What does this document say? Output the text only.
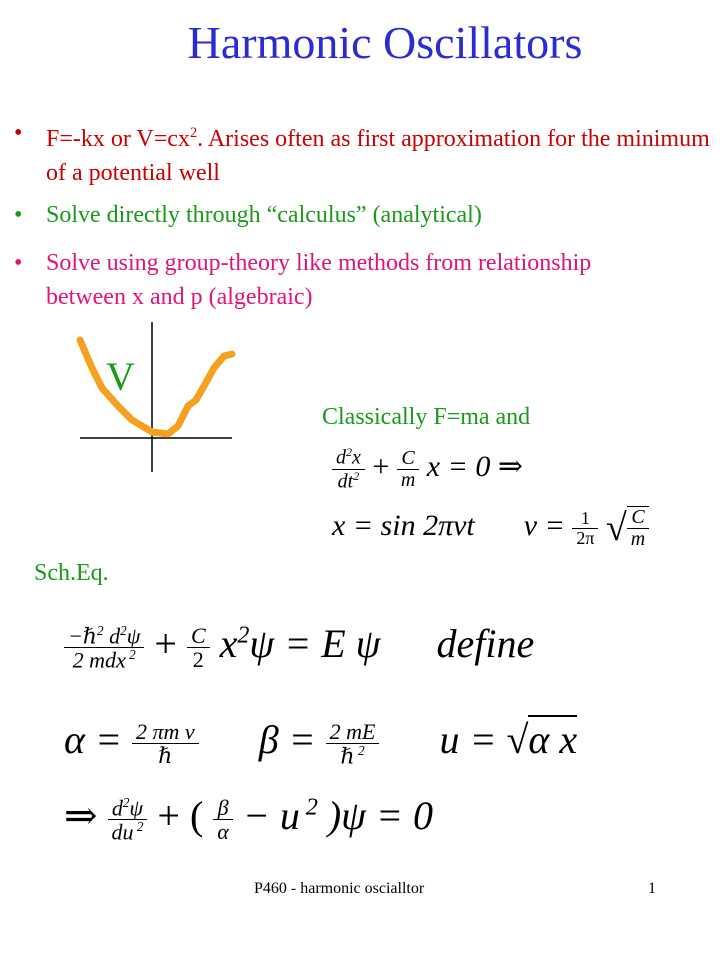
Harmonic Oscillators
• F=-kx or $V=cx^2$. Arises often as first approximation for the minimum of a potential well
• Solve directly through “calculus” (analytical)
• Solve using group-theory like methods from relationship between x and p (algebraic)
V
Classically F=ma and
$\frac{d^2x}{dt^2} + \frac{C}{m}$ x = 0 ⇒
x = sin 2πνt $\nu = \frac{1}{2\pi}$ √ $\frac{C}{m}$
Sch.Eq.
$\frac{-\hbar^2 d^2\psi}{2 mdx ^2} + \frac{C}{2} x^2\psi = E$ ψ define
$\alpha = \frac{\text{2 πm ν}}{\text{ℏ}}$ $\beta = \frac{2 mE}{\hbar ^2}$ u = √α x
⇒ $\frac{d^2\psi}{du ^2}$ + ( $\frac{\beta}{\alpha} - u$ $^2$ )ψ = 0
P460 - harmonic oscialltor	1
